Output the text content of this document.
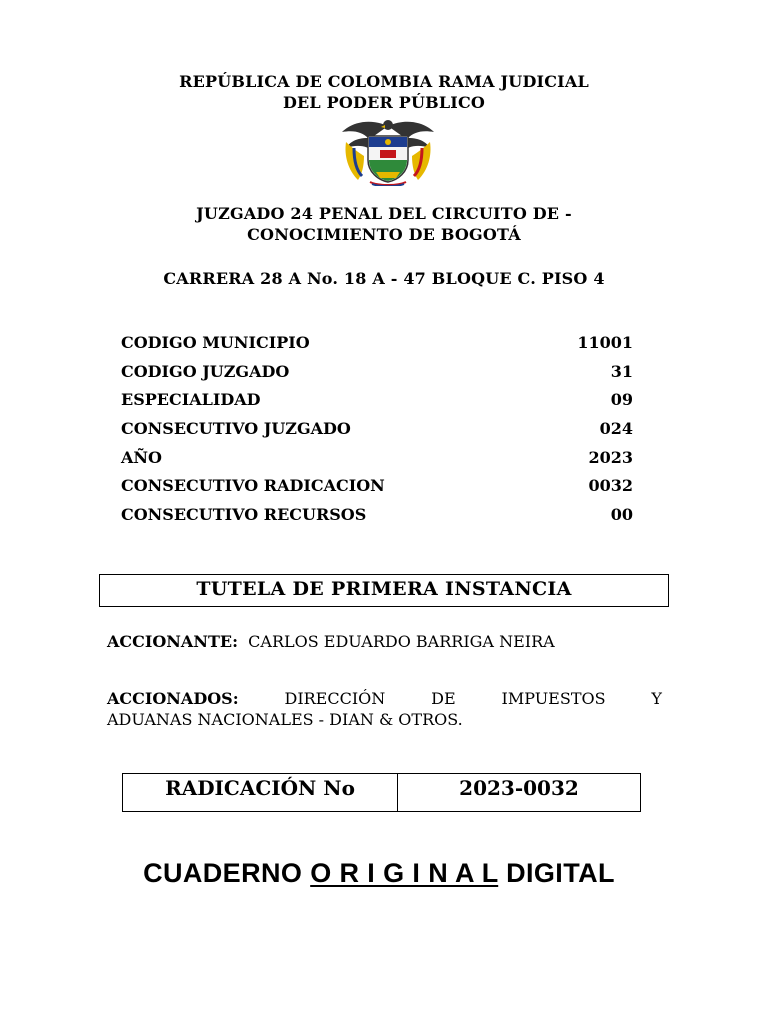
REPÚBLICA DE COLOMBIA RAMA JUDICIAL
DEL PODER PÚBLICO
JUZGADO 24 PENAL DEL CIRCUITO DE -
CONOCIMIENTO DE BOGOTÁ
CARRERA 28 A No. 18 A - 47 BLOQUE C. PISO 4
CODIGO MUNICIPIO	11001
CODIGO JUZGADO	31
ESPECIALIDAD	09
CONSECUTIVO JUZGADO	024
AÑO	2023
CONSECUTIVO RADICACION	0032
CONSECUTIVO RECURSOS	00
TUTELA DE PRIMERA INSTANCIA
ACCIONANTE: CARLOS EDUARDO BARRIGA NEIRA
ACCIONADOS:	DIRECCIÓN DE IMPUESTOS Y
ADUANAS NACIONALES - DIAN & OTROS.
RADICACIÓN No	2023-0032
CUADERNO O R I G I N A L DIGITAL
